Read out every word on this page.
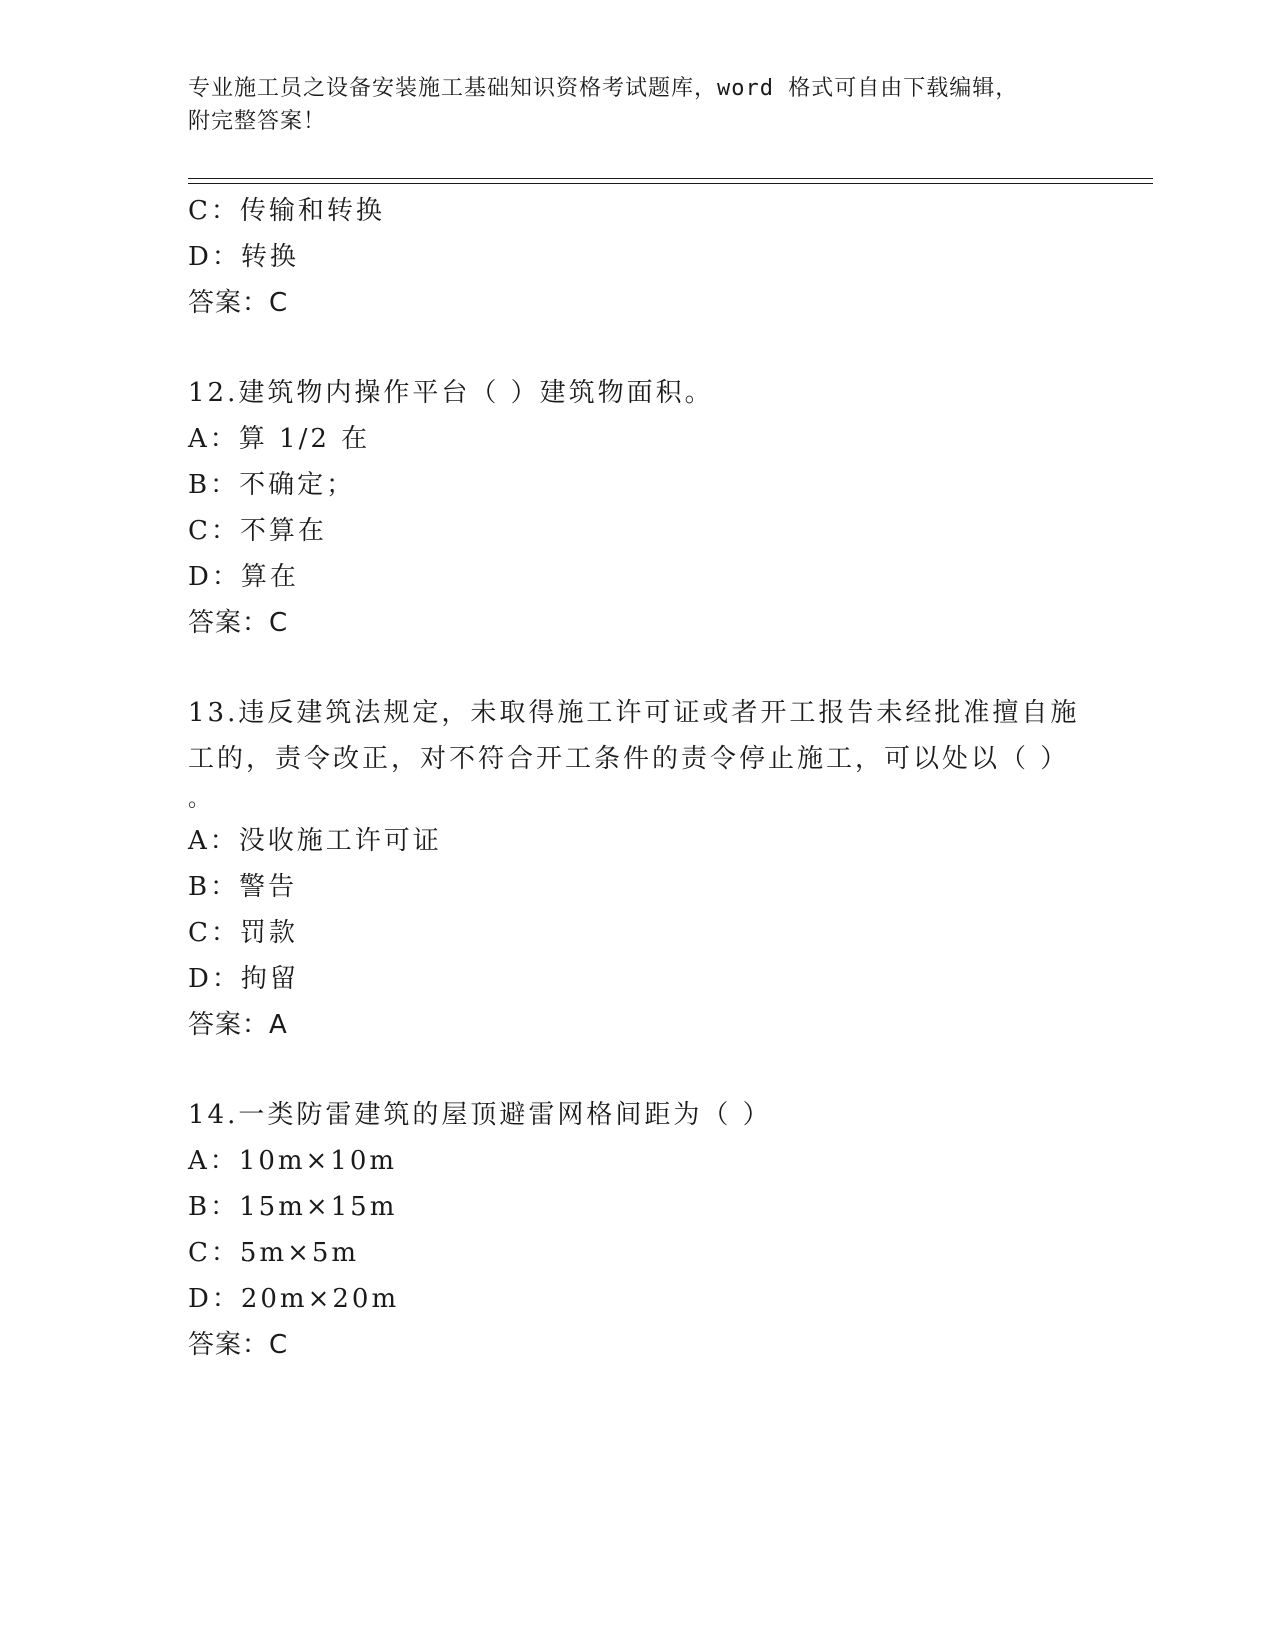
专业施工员之设备安装施工基础知识资格考试题库，word 格式可自由下载编辑，
附完整答案！
C：传输和转换
D：转换
答案：C
12.建筑物内操作平台（ ）建筑物面积。
A：算 1/2 在
B：不确定；
C：不算在
D：算在
答案：C
13.违反建筑法规定，未取得施工许可证或者开工报告未经批准擅自施
工的，责令改正，对不符合开工条件的责令停止施工，可以处以（ ）
。
A：没收施工许可证
B：警告
C：罚款
D：拘留
答案：A
14.一类防雷建筑的屋顶避雷网格间距为（ ）
A：10m×10m
B：15m×15m
C：5m×5m
D：20m×20m
答案：C
